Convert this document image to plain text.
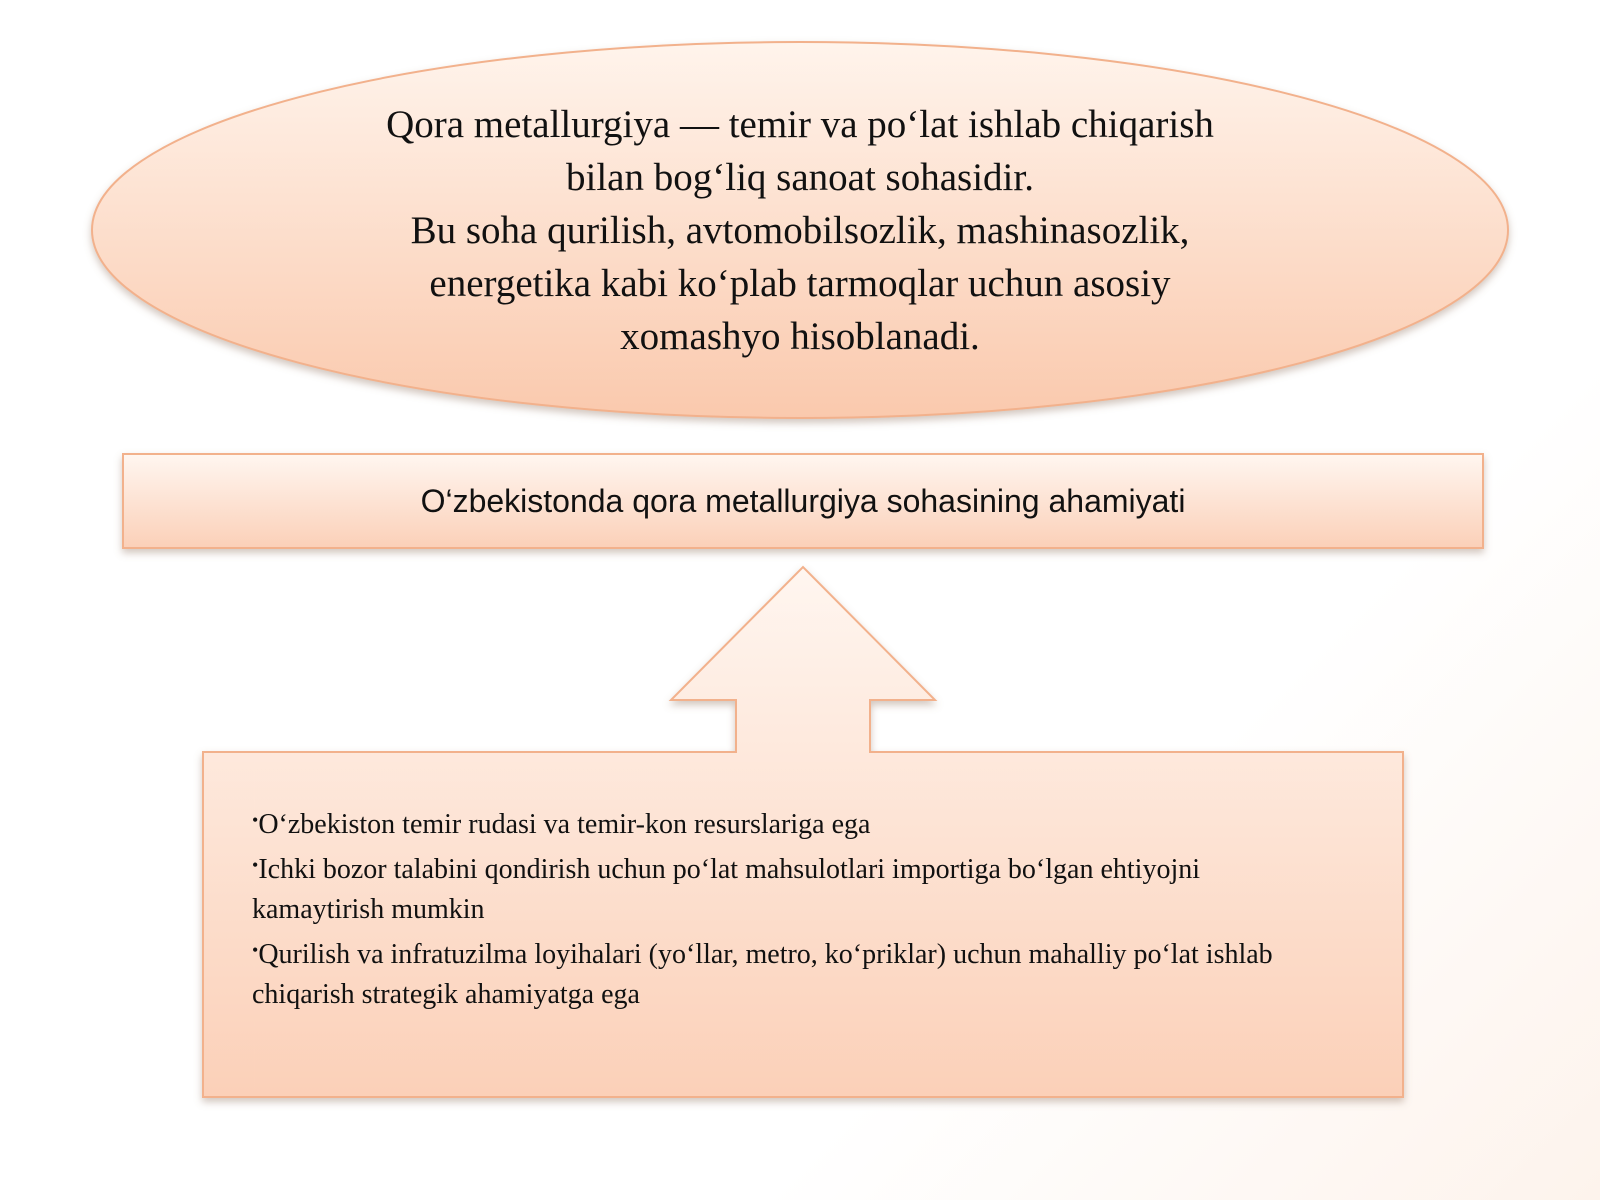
Qora metallurgiya — temir va po‘lat ishlab chiqarish
bilan bog‘liq sanoat sohasidir.
Bu soha qurilish, avtomobilsozlik, mashinasozlik,
energetika kabi ko‘plab tarmoqlar uchun asosiy
xomashyo hisoblanadi.
O‘zbekistonda qora metallurgiya sohasining ahamiyati

•O‘zbekiston temir rudasi va temir-kon resurslariga ega

•Ichki bozor talabini qondirish uchun po‘lat mahsulotlari importiga bo‘lgan ehtiyojni kamaytirish mumkin

•Qurilish va infratuzilma loyihalari (yo‘llar, metro, ko‘priklar) uchun mahalliy po‘lat ishlab chiqarish strategik ahamiyatga ega
